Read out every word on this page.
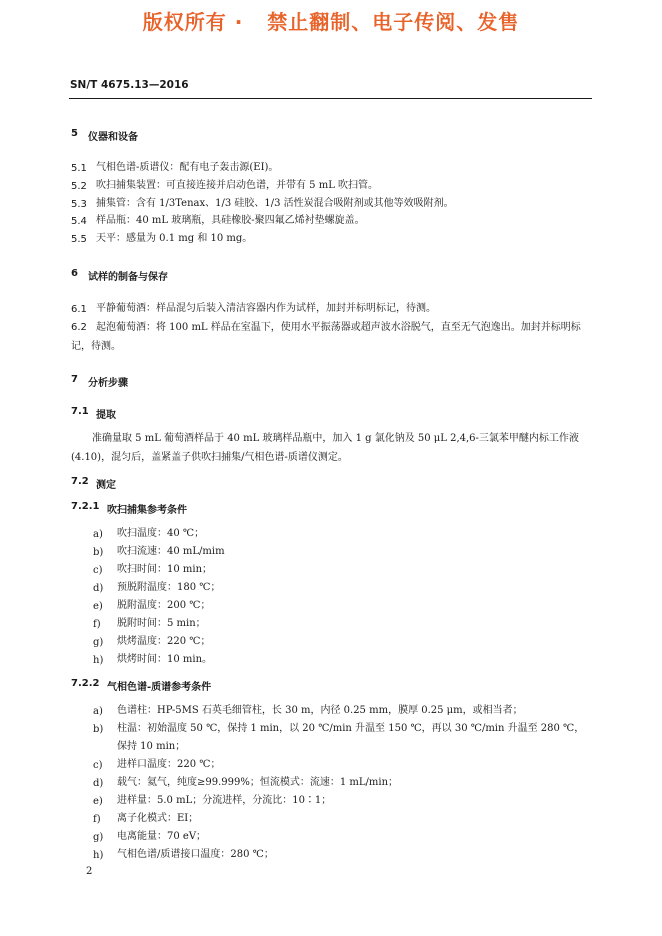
版权所有 ·   禁止翻制、电子传阅、发售
SN/T 4675.13—2016
5 仪器和设备
5.1 气相色谱-质谱仪：配有电子轰击源(EI)。
5.2 吹扫捕集装置：可直接连接并启动色谱，并带有 5 mL 吹扫管。
5.3 捕集管：含有 1/3Tenax、1/3 硅胶、1/3 活性炭混合吸附剂或其他等效吸附剂。
5.4 样品瓶：40 mL 玻璃瓶，具硅橡胶-聚四氟乙烯衬垫螺旋盖。
5.5 天平：感量为 0.1 mg 和 10 mg。
6 试样的制备与保存
6.1 平静葡萄酒：样品混匀后装入清洁容器内作为试样，加封并标明标记，待测。
6.2 起泡葡萄酒：将 100 mL 样品在室温下，使用水平振荡器或超声波水浴脱气，直至无气泡逸出。加封并标明标记，待测。
7 分析步骤
7.1 提取
准确量取 5 mL 葡萄酒样品于 40 mL 玻璃样品瓶中，加入 1 g 氯化钠及 50 μL 2,4,6-三氯苯甲醚内标工作液(4.10)，混匀后，盖紧盖子供吹扫捕集/气相色谱-质谱仪测定。
7.2 测定
7.2.1 吹扫捕集参考条件
a) 吹扫温度：40 ℃；
b) 吹扫流速：40 mL/mim
c) 吹扫时间：10 min；
d) 预脱附温度：180 ℃；
e) 脱附温度：200 ℃；
f) 脱附时间：5 min；
g) 烘烤温度：220 ℃；
h) 烘烤时间：10 min。
7.2.2 气相色谱-质谱参考条件
a) 色谱柱：HP-5MS 石英毛细管柱，长 30 m，内径 0.25 mm，膜厚 0.25 μm，或相当者；
b) 柱温：初始温度 50 ℃，保持 1 min，以 20 ℃/min 升温至 150 ℃，再以 30 ℃/min 升温至 280 ℃，保持 10 min；
c) 进样口温度：220 ℃；
d) 载气：氦气，纯度≥99.999%；恒流模式：流速：1 mL/min；
e) 进样量：5.0 mL；分流进样，分流比：10∶1；
f) 离子化模式：EI；
g) 电离能量：70 eV；
h) 气相色谱/质谱接口温度：280 ℃；
2
